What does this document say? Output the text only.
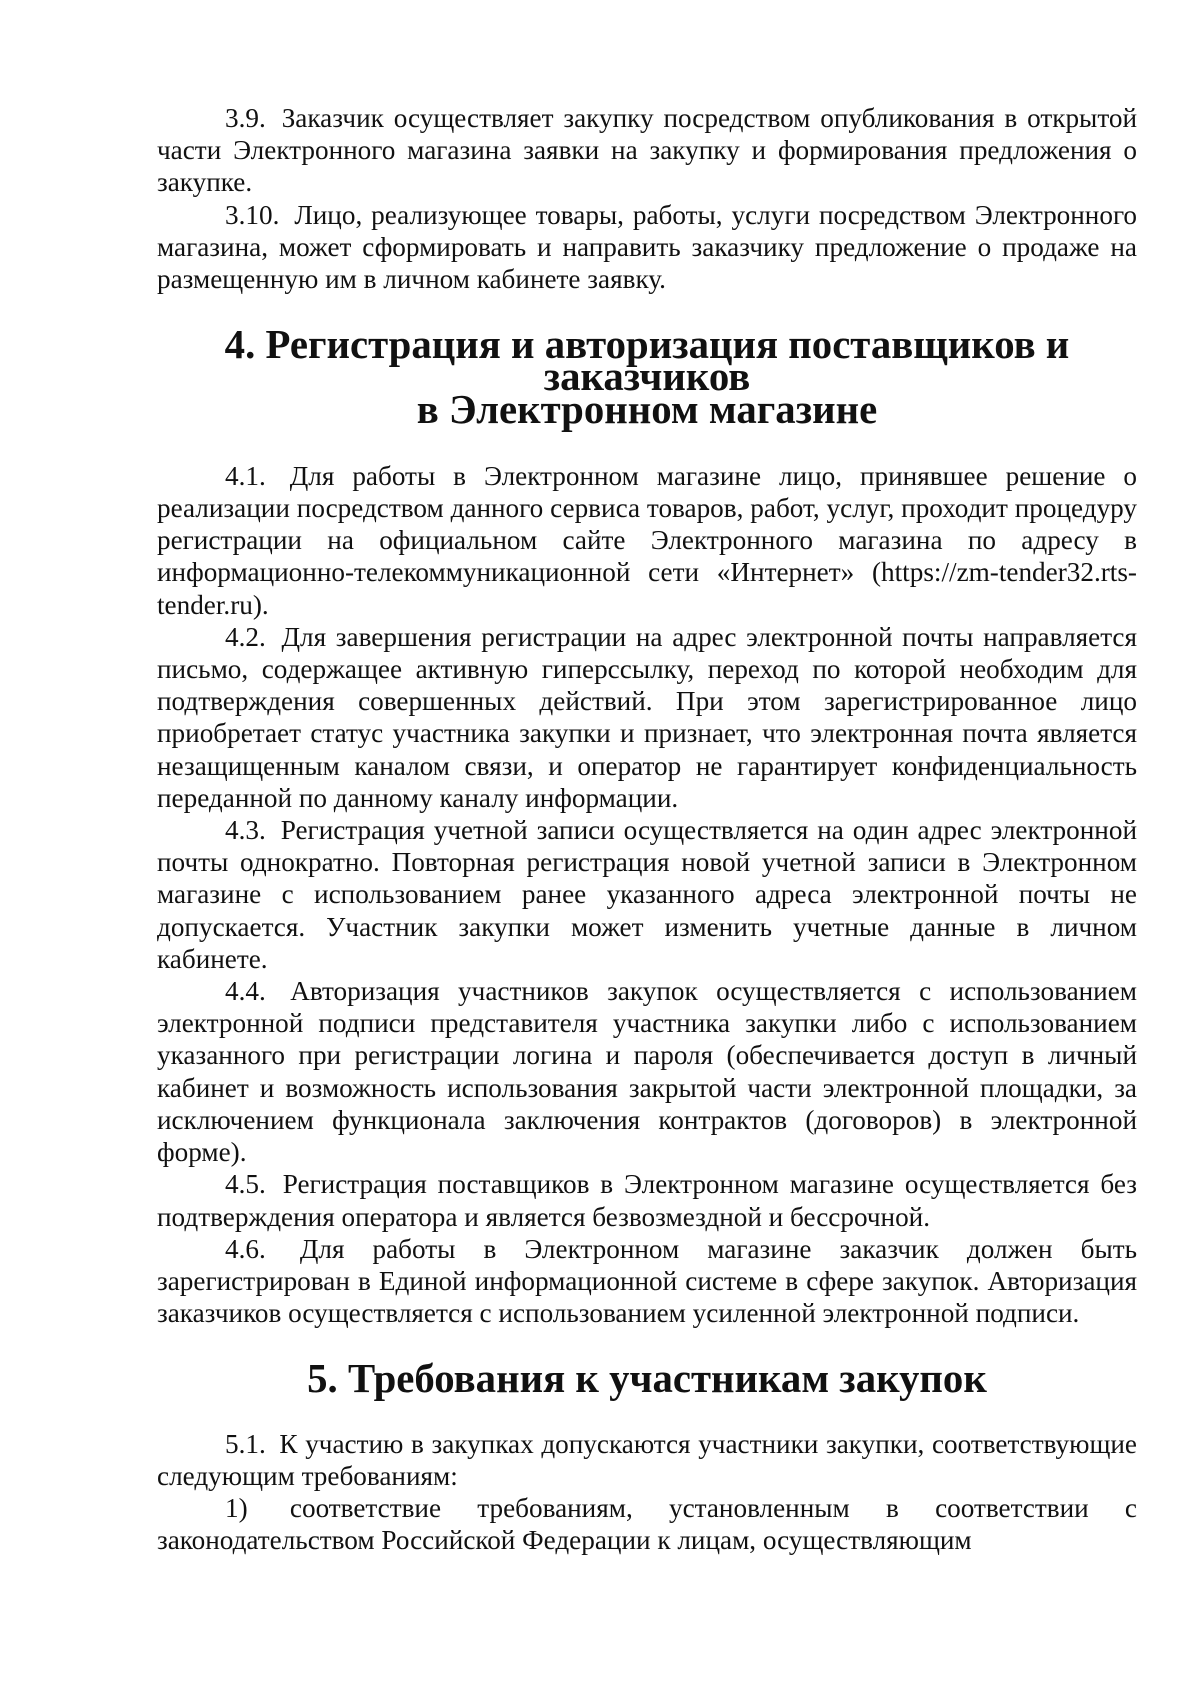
3.9. Заказчик осуществляет закупку посредством опубликования в открытой части Электронного магазина заявки на закупку и формирования предложения о закупке.

3.10. Лицо, реализующее товары, работы, услуги посредством Электронного магазина, может сформировать и направить заказчику предложение о продаже на размещенную им в личном кабинете заявку.

4. Регистрация и авторизация поставщиков и заказчиков
в Электронном магазине

4.1. Для работы в Электронном магазине лицо, принявшее решение о реализации посредством данного сервиса товаров, работ, услуг, проходит процедуру регистрации на официальном сайте Электронного магазина по адресу в информационно-телекоммуникационной сети «Интернет» (https://zm-tender32.rts-tender.ru).

4.2. Для завершения регистрации на адрес электронной почты направляется письмо, содержащее активную гиперссылку, переход по которой необходим для подтверждения совершенных действий. При этом зарегистрированное лицо приобретает статус участника закупки и признает, что электронная почта является незащищенным каналом связи, и оператор не гарантирует конфиденциальность переданной по данному каналу информации.

4.3. Регистрация учетной записи осуществляется на один адрес электронной почты однократно. Повторная регистрация новой учетной записи в Электронном магазине с использованием ранее указанного адреса электронной почты не допускается. Участник закупки может изменить учетные данные в личном кабинете.

4.4. Авторизация участников закупок осуществляется с использованием электронной подписи представителя участника закупки либо с использованием указанного при регистрации логина и пароля (обеспечивается доступ в личный кабинет и возможность использования закрытой части электронной площадки, за исключением функционала заключения контрактов (договоров) в электронной форме).

4.5. Регистрация поставщиков в Электронном магазине осуществляется без подтверждения оператора и является безвозмездной и бессрочной.

4.6. Для работы в Электронном магазине заказчик должен быть зарегистрирован в Единой информационной системе в сфере закупок. Авторизация заказчиков осуществляется с использованием усиленной электронной подписи.

5. Требования к участникам закупок

5.1. К участию в закупках допускаются участники закупки, соответствующие следующим требованиям:

1) соответствие требованиям, установленным в соответствии с законодательством Российской Федерации к лицам, осуществляющим
